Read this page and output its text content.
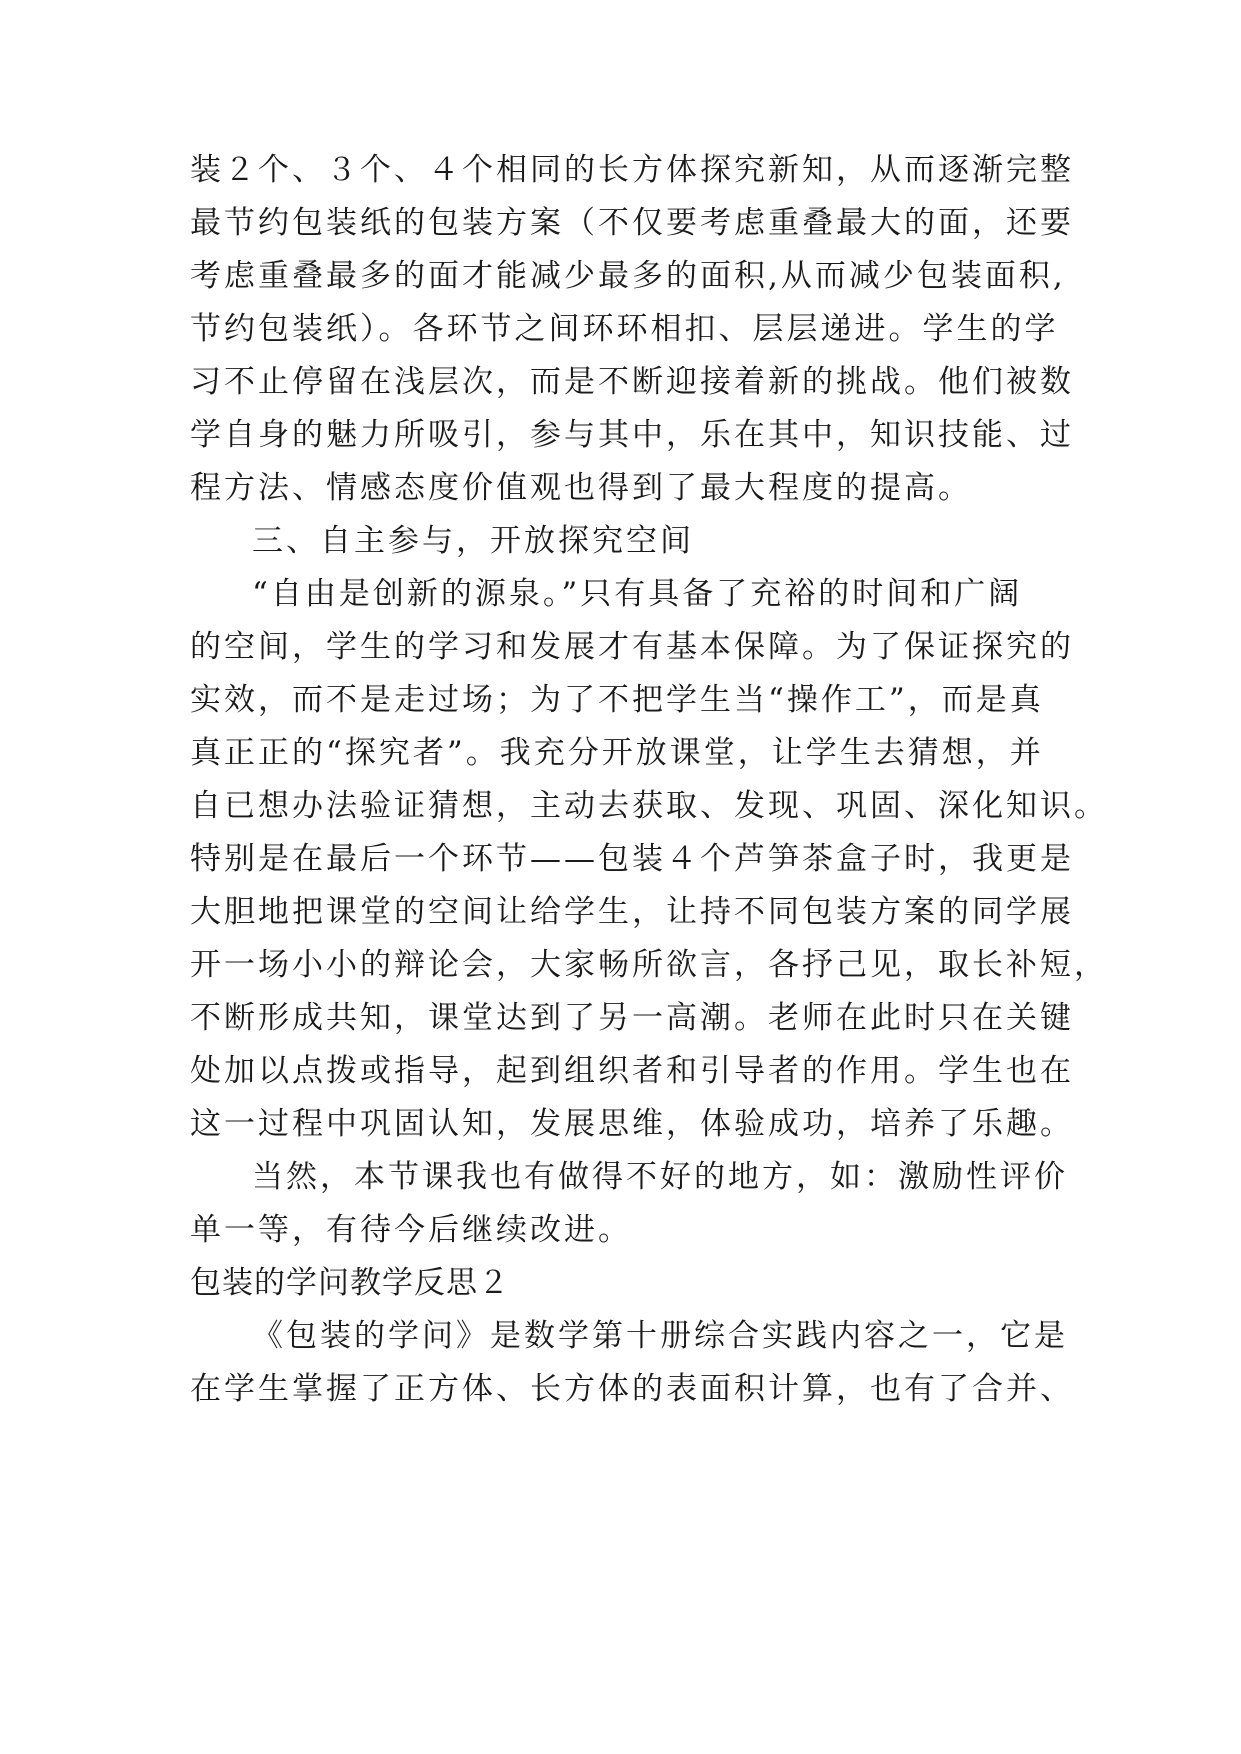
装２个、３个、４个相同的长方体探究新知，从而逐渐完整
最节约包装纸的包装方案（不仅要考虑重叠最大的面，还要
考虑重叠最多的面才能减少最多的面积,从而减少包装面积,
节约包装纸）。各环节之间环环相扣、层层递进。学生的学
习不止停留在浅层次，而是不断迎接着新的挑战。他们被数
学自身的魅力所吸引，参与其中，乐在其中，知识技能、过
程方法、情感态度价值观也得到了最大程度的提高。
三、自主参与，开放探究空间
“自由是创新的源泉。”只有具备了充裕的时间和广阔
的空间，学生的学习和发展才有基本保障。为了保证探究的
实效，而不是走过场；为了不把学生当“操作工”，而是真
真正正的“探究者”。我充分开放课堂，让学生去猜想，并
自已想办法验证猜想，主动去获取、发现、巩固、深化知识。
特别是在最后一个环节——包装４个芦笋茶盒子时，我更是
大胆地把课堂的空间让给学生，让持不同包装方案的同学展
开一场小小的辩论会，大家畅所欲言，各抒己见，取长补短，
不断形成共知，课堂达到了另一高潮。老师在此时只在关键
处加以点拨或指导，起到组织者和引导者的作用。学生也在
这一过程中巩固认知，发展思维，体验成功，培养了乐趣。
当然，本节课我也有做得不好的地方，如：激励性评价
单一等，有待今后继续改进。
包装的学问教学反思２
《包装的学问》是数学第十册综合实践内容之一，它是
在学生掌握了正方体、长方体的表面积计算，也有了合并、
